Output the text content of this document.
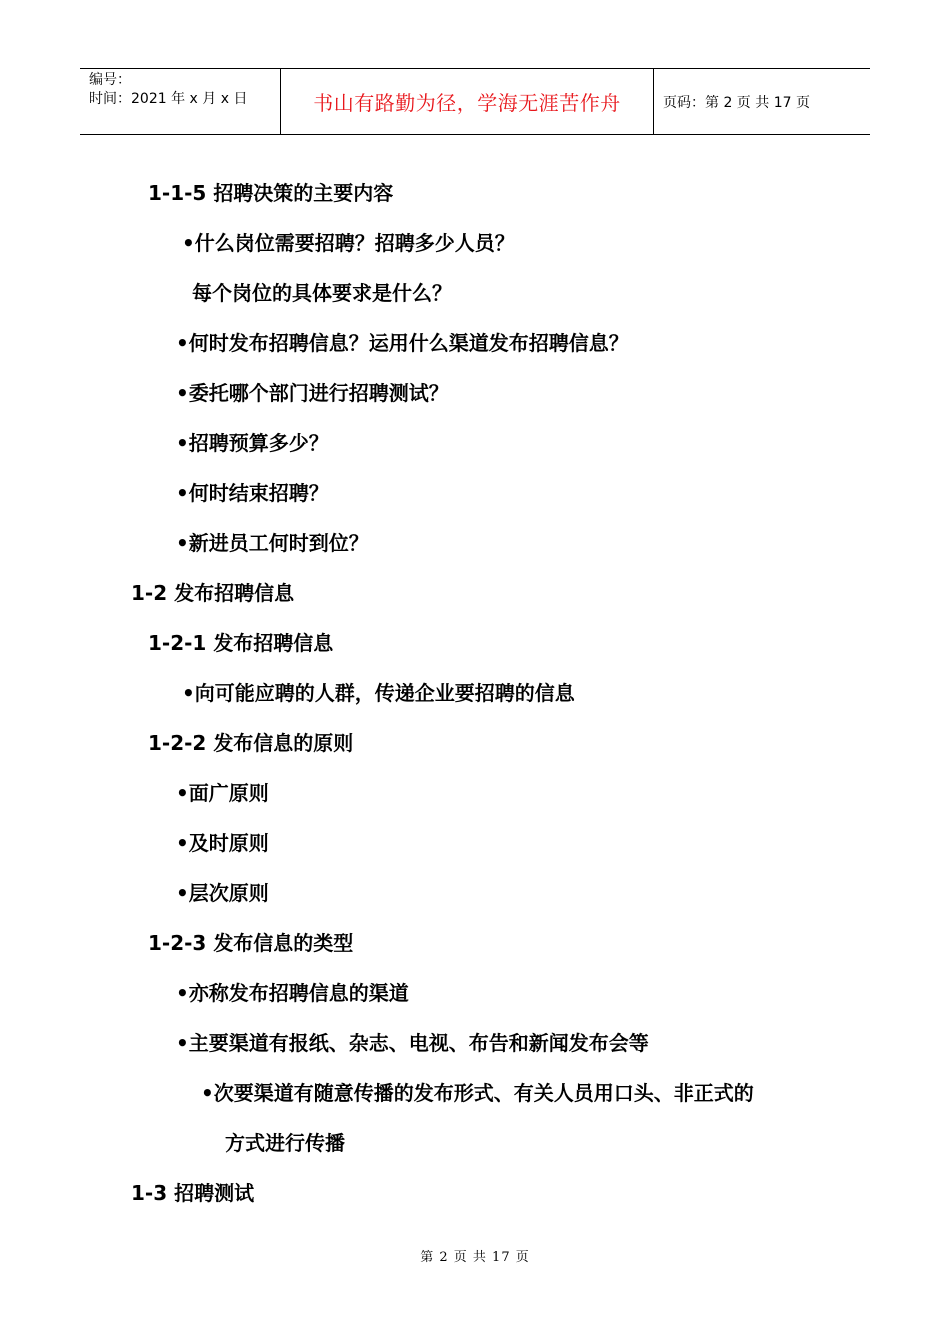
编号：
时间：2021 年 x 月 x 日	书山有路勤为径，学海无涯苦作舟	页码：第 2 页 共 17 页
1-1-5 招聘决策的主要内容
•什么岗位需要招聘？招聘多少人员？
每个岗位的具体要求是什么？
•何时发布招聘信息？运用什么渠道发布招聘信息？
•委托哪个部门进行招聘测试？
•招聘预算多少？
•何时结束招聘？
•新进员工何时到位？
1-2 发布招聘信息
1-2-1 发布招聘信息
•向可能应聘的人群，传递企业要招聘的信息
1-2-2 发布信息的原则
•面广原则
•及时原则
•层次原则
1-2-3 发布信息的类型
•亦称发布招聘信息的渠道
•主要渠道有报纸、杂志、电视、布告和新闻发布会等
•次要渠道有随意传播的发布形式、有关人员用口头、非正式的
方式进行传播
1-3 招聘测试
第 2 页 共 17 页
